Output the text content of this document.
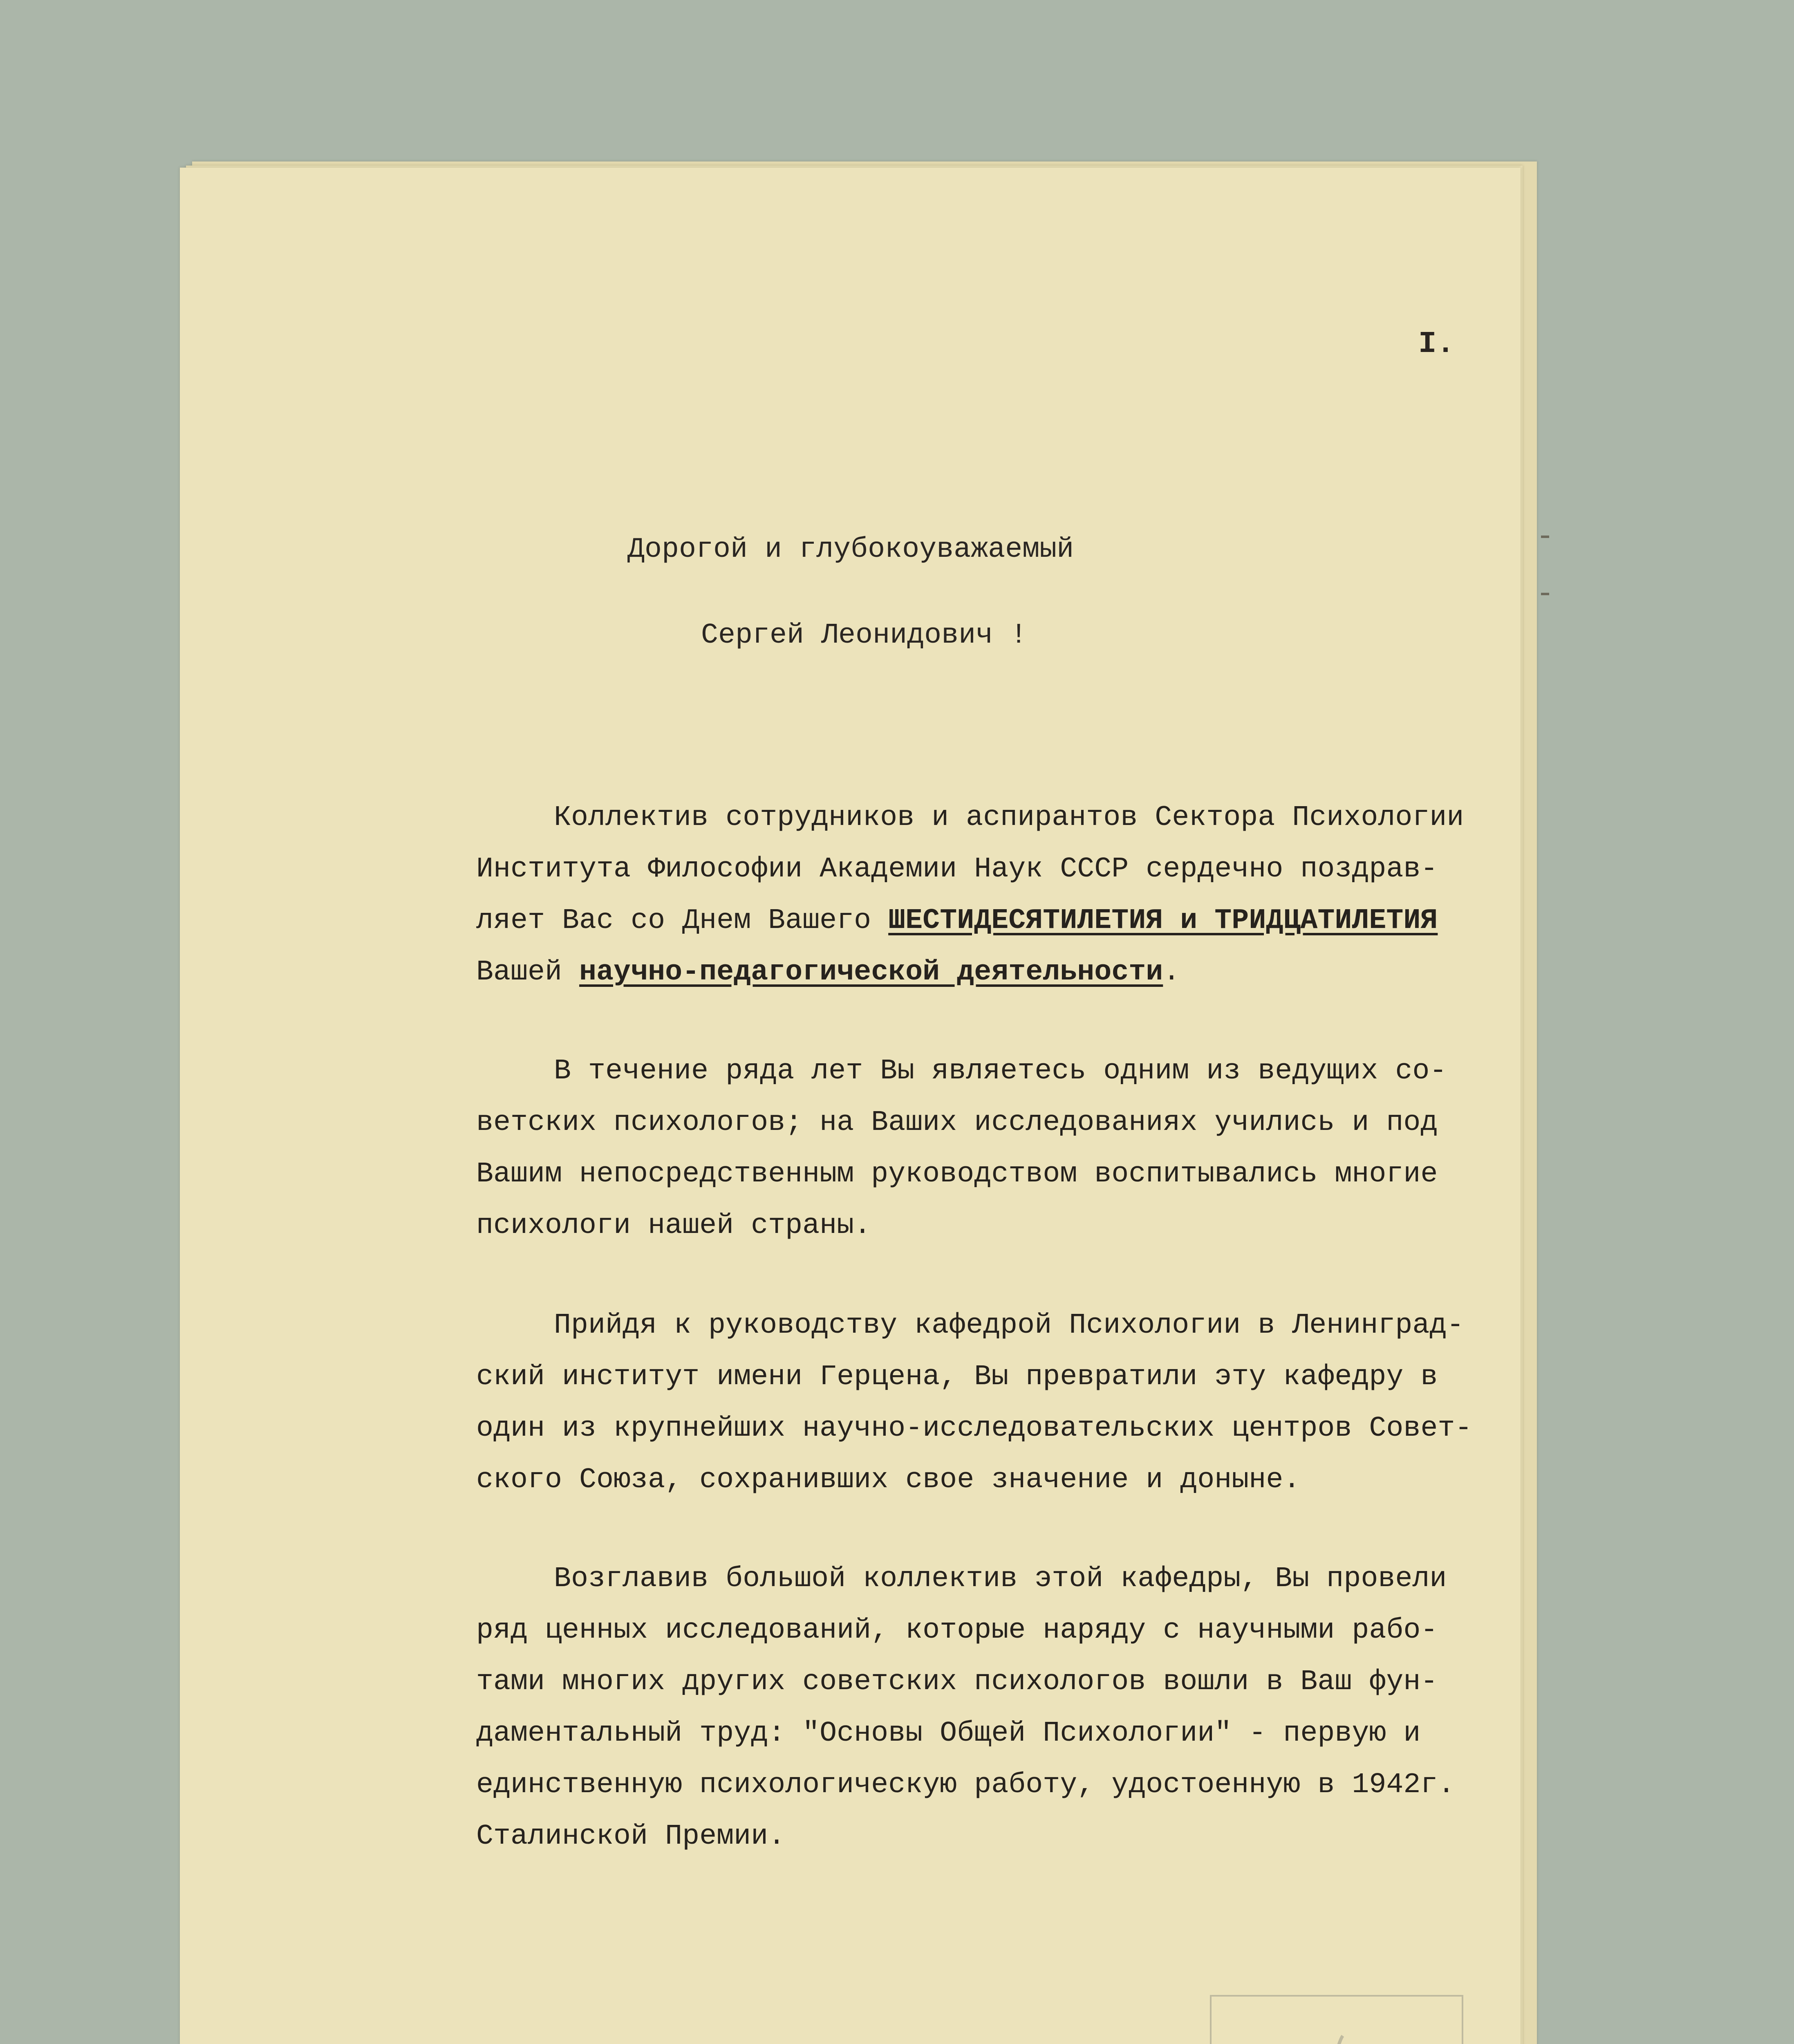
I.
Дорогой и глубокоуважаемый
Сергей Леонидович !
Коллектив сотрудников и аспирантов Сектора Психологии
Института Философии Академии Наук СССР сердечно поздрав-
ляет Вас со Днем Вашего ШЕСТИДЕСЯТИЛЕТИЯ и ТРИДЦАТИЛЕТИЯ
Вашей научно-педагогической деятельности.
В течение ряда лет Вы являетесь одним из ведущих со-
ветских психологов; на Ваших исследованиях учились и под
Вашим непосредственным руководством воспитывались многие
психологи нашей страны.
Прийдя к руководству кафедрой Психологии в Ленинград-
ский институт имени Герцена, Вы превратили эту кафедру в
один из крупнейших научно-исследовательских центров Совет-
ского Союза, сохранивших свое значение и доныне.
Возглавив большой коллектив этой кафедры, Вы провели
ряд ценных исследований, которые наряду с научными рабо-
тами многих других советских психологов вошли в Ваш фун-
даментальный труд: "Основы Общей Психологии" - первую и
единственную психологическую работу, удостоенную в 1942г.
Сталинской Премии.
